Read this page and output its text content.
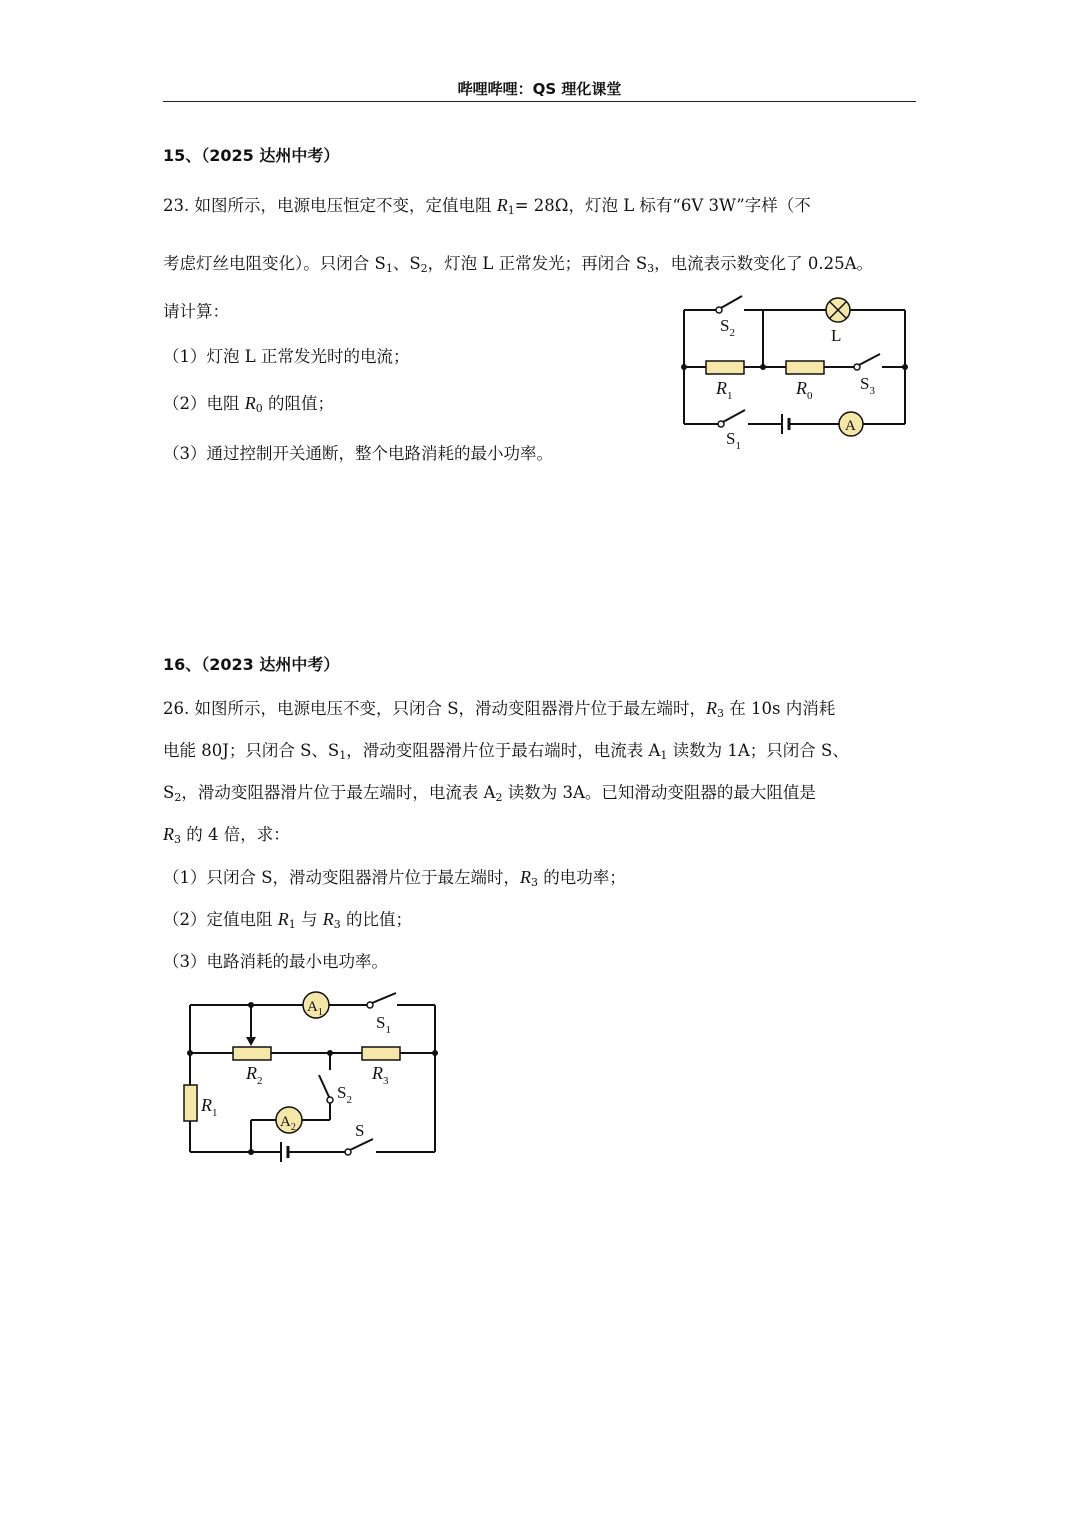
哔哩哔哩：QS 理化课堂
15、（2025 达州中考）
23. 如图所示，电源电压恒定不变，定值电阻 $R_1= 28\Omega$，灯泡 L 标有“6V 3W”字样（不
考虑灯丝电阻变化）。只闭合 $S_1$、$S_2$，灯泡 L 正常发光；再闭合 $S_3$，电流表示数变化了 0.25A。
请计算：
（1）灯泡 L 正常发光时的电流；
（2）电阻 $R_0$ 的阻值；
（3）通过控制开关通断，整个电路消耗的最小功率。
L
$S_2$
$R_1$	$R_0$
$S_3$
A
$S_1$
16、（2023 达州中考）
26. 如图所示，电源电压不变，只闭合 S，滑动变阻器滑片位于最左端时，$R_3$ 在 10s 内消耗
电能 80J；只闭合 S、$S_1$，滑动变阻器滑片位于最右端时，电流表 $A_1$ 读数为 1A；只闭合 S、
$S_2$，滑动变阻器滑片位于最左端时，电流表 $A_2$ 读数为 3A。已知滑动变阻器的最大阻值是
$R_3$ 的 4 倍，求：
（1）只闭合 S，滑动变阻器滑片位于最左端时，$R_3$ 的电功率；
（2）定值电阻 $R_1$ 与 $R_3$ 的比值；
（3）电路消耗的最小电功率。
$A_1$
$S_1$
$R_2$	$R_3$
$R_1$
$S_2$
$A_2$	S
